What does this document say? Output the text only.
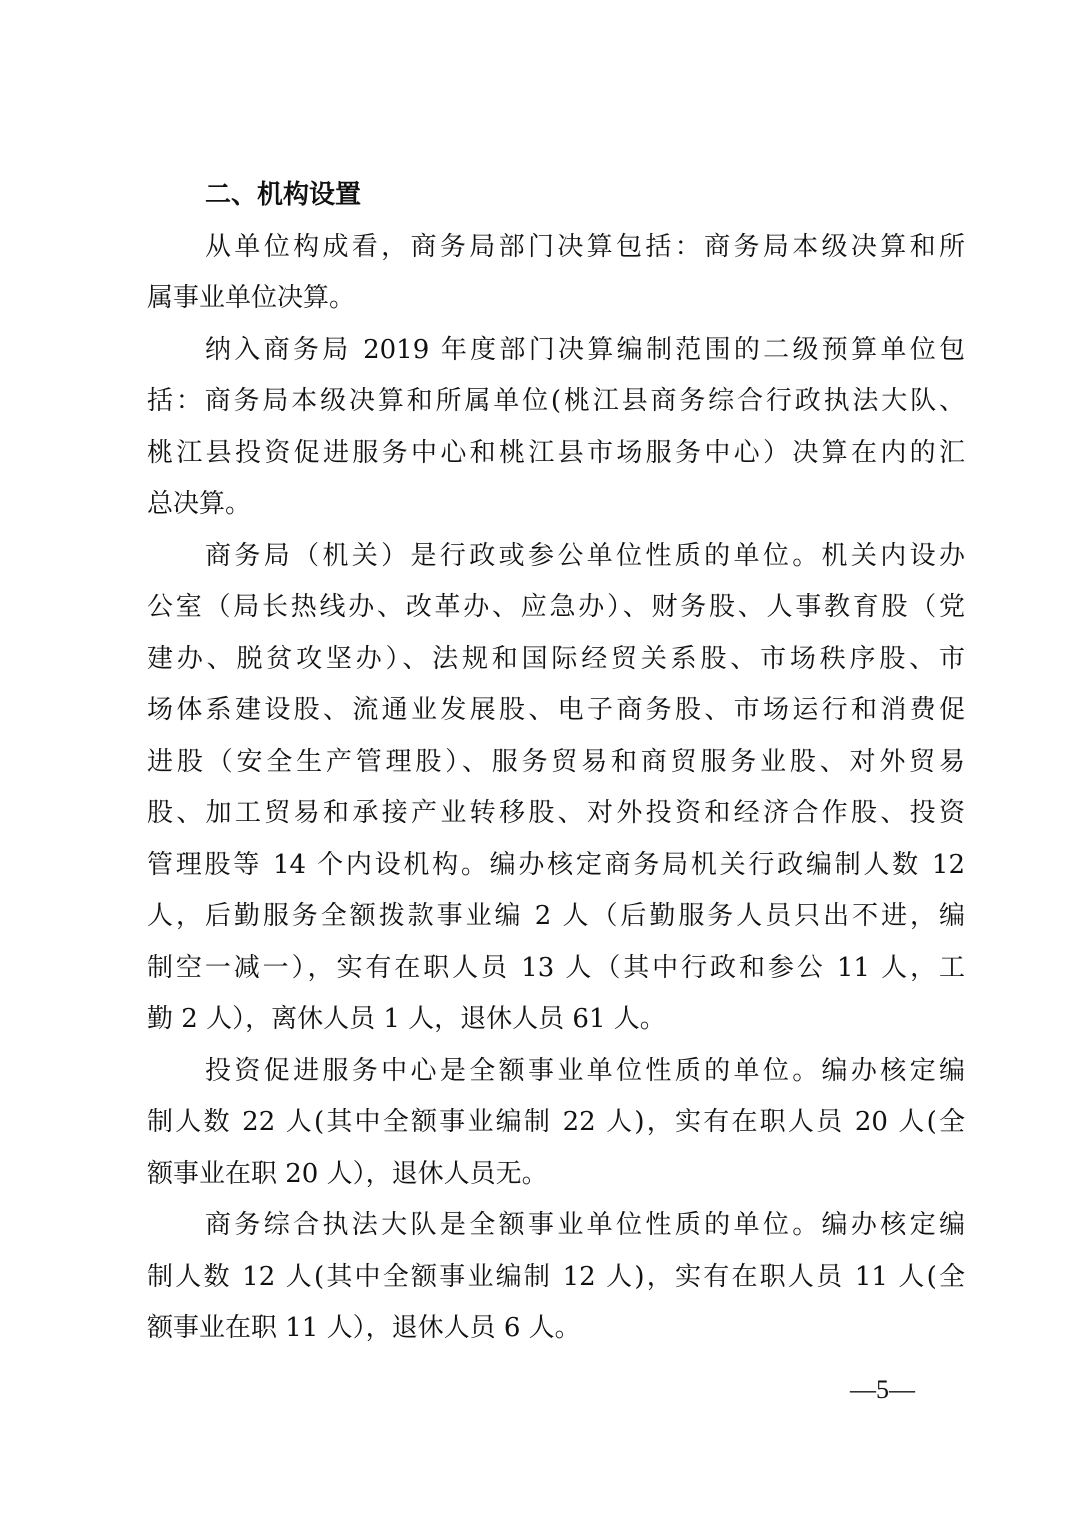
二、机构设置
从单位构成看，商务局部门决算包括：商务局本级决算和所
属事业单位决算。
纳入商务局 2019 年度部门决算编制范围的二级预算单位包
括：商务局本级决算和所属单位(桃江县商务综合行政执法大队、
桃江县投资促进服务中心和桃江县市场服务中心）决算在内的汇
总决算。
商务局（机关）是行政或参公单位性质的单位。机关内设办
公室（局长热线办、改革办、应急办）、财务股、人事教育股（党
建办、脱贫攻坚办）、法规和国际经贸关系股、市场秩序股、市
场体系建设股、流通业发展股、电子商务股、市场运行和消费促
进股（安全生产管理股）、服务贸易和商贸服务业股、对外贸易
股、加工贸易和承接产业转移股、对外投资和经济合作股、投资
管理股等 14 个内设机构。编办核定商务局机关行政编制人数 12
人，后勤服务全额拨款事业编 2 人（后勤服务人员只出不进，编
制空一减一），实有在职人员 13 人（其中行政和参公 11 人，工
勤 2 人），离休人员 1 人，退休人员 61 人。
投资促进服务中心是全额事业单位性质的单位。编办核定编
制人数 22 人(其中全额事业编制 22 人)，实有在职人员 20 人(全
额事业在职 20 人），退休人员无。
商务综合执法大队是全额事业单位性质的单位。编办核定编
制人数 12 人(其中全额事业编制 12 人)，实有在职人员 11 人(全
额事业在职 11 人），退休人员 6 人。
—5—
